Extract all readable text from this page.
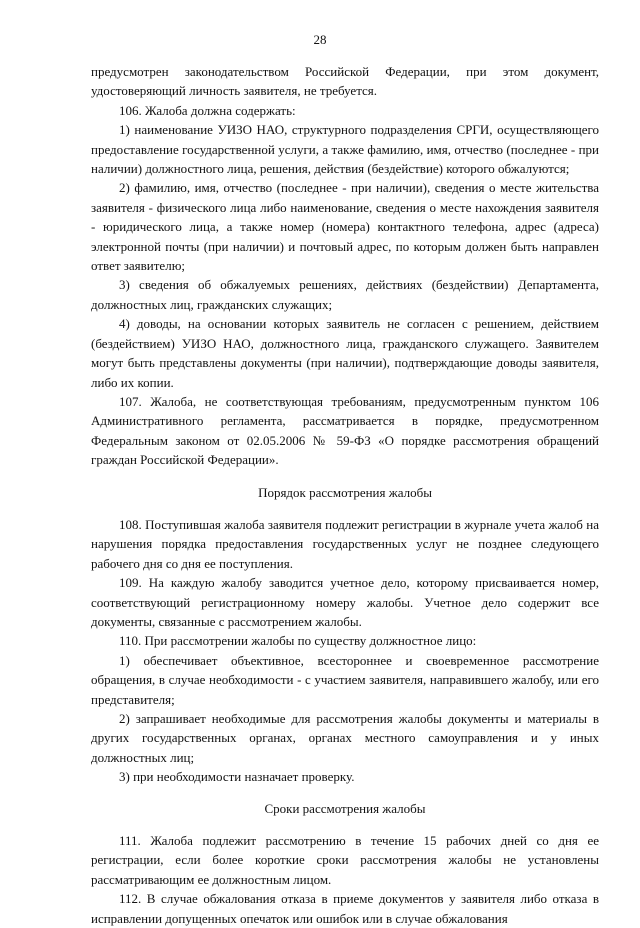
28

предусмотрен законодательством Российской Федерации, при этом документ, удостоверяющий личность заявителя, не требуется.

106. Жалоба должна содержать:

1) наименование УИЗО НАО, структурного подразделения СРГИ, осуществляющего предоставление государственной услуги, а также фамилию, имя, отчество (последнее - при наличии) должностного лица, решения, действия (бездействие) которого обжалуются;

2) фамилию, имя, отчество (последнее - при наличии), сведения о месте жительства заявителя - физического лица либо наименование, сведения о месте нахождения заявителя - юридического лица, а также номер (номера) контактного телефона, адрес (адреса) электронной почты (при наличии) и почтовый адрес, по которым должен быть направлен ответ заявителю;

3) сведения об обжалуемых решениях, действиях (бездействии) Департамента, должностных лиц, гражданских служащих;

4) доводы, на основании которых заявитель не согласен с решением, действием (бездействием) УИЗО НАО, должностного лица, гражданского служащего. Заявителем могут быть представлены документы (при наличии), подтверждающие доводы заявителя, либо их копии.

107. Жалоба, не соответствующая требованиям, предусмотренным пунктом 106 Административного регламента, рассматривается в порядке, предусмотренном Федеральным законом от 02.05.2006 № 59-ФЗ «О порядке рассмотрения обращений граждан Российской Федерации».

Порядок рассмотрения жалобы

108. Поступившая жалоба заявителя подлежит регистрации в журнале учета жалоб на нарушения порядка предоставления государственных услуг не позднее следующего рабочего дня со дня ее поступления.

109. На каждую жалобу заводится учетное дело, которому присваивается номер, соответствующий регистрационному номеру жалобы. Учетное дело содержит все документы, связанные с рассмотрением жалобы.

110. При рассмотрении жалобы по существу должностное лицо:

1) обеспечивает объективное, всестороннее и своевременное рассмотрение обращения, в случае необходимости - с участием заявителя, направившего жалобу, или его представителя;

2) запрашивает необходимые для рассмотрения жалобы документы и материалы в других государственных органах, органах местного самоуправления и у иных должностных лиц;

3) при необходимости назначает проверку.

Сроки рассмотрения жалобы

111. Жалоба подлежит рассмотрению в течение 15 рабочих дней со дня ее регистрации, если более короткие сроки рассмотрения жалобы не установлены рассматривающим ее должностным лицом.

112. В случае обжалования отказа в приеме документов у заявителя либо отказа в исправлении допущенных опечаток или ошибок или в случае обжалования
